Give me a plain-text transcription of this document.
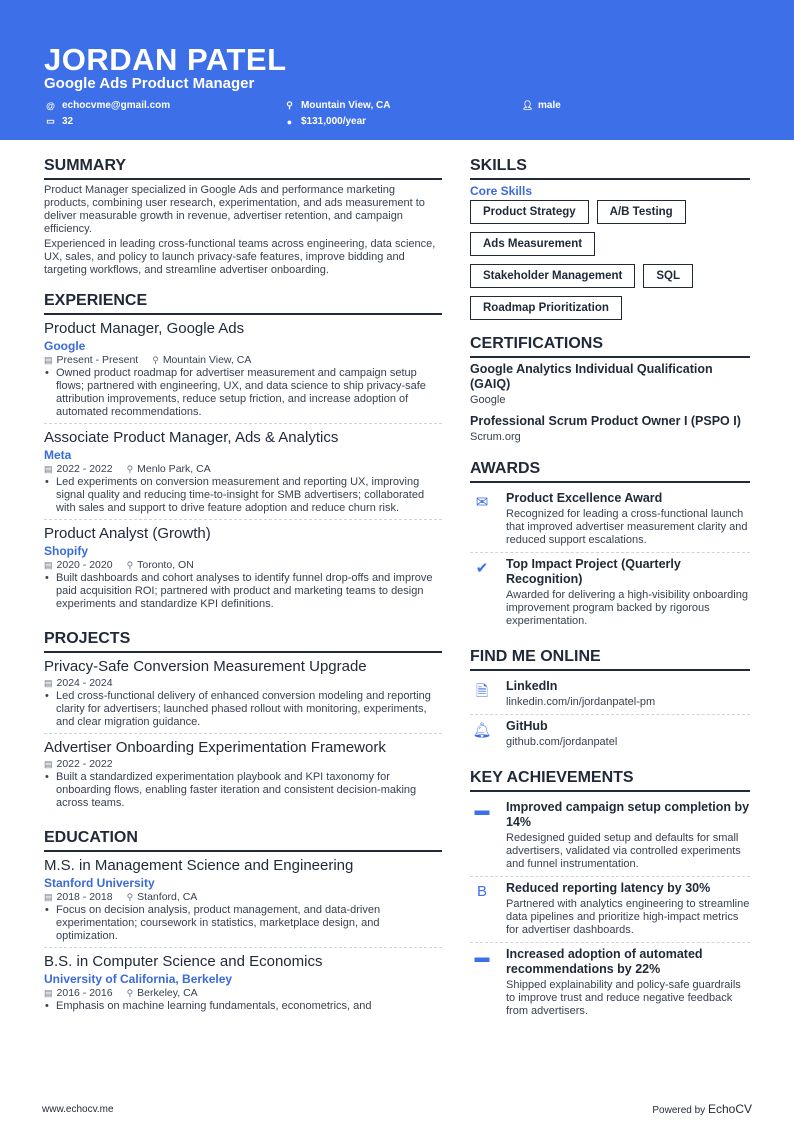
JORDAN PATEL
Google Ads Product Manager
@ echocvme@gmail.com	⚲ Mountain View, CA	👤︎ male
▭ 32	● $131,000/year
SUMMARY

Product Manager specialized in Google Ads and performance marketing products, combining user research, experimentation, and ads measurement to deliver measurable growth in revenue, advertiser retention, and campaign efficiency.

Experienced in leading cross-functional teams across engineering, data science, UX, sales, and policy to launch privacy-safe features, improve bidding and targeting workflows, and streamline advertiser onboarding.

EXPERIENCE
Product Manager, Google Ads
Google
▤ Present - Present ⚲ Mountain View, CA
• Owned product roadmap for advertiser measurement and campaign setup flows; partnered with engineering, UX, and data science to ship privacy-safe attribution improvements, reduce setup friction, and increase adoption of automated recommendations.
Associate Product Manager, Ads & Analytics
Meta
▤ 2022 - 2022 ⚲ Menlo Park, CA
• Led experiments on conversion measurement and reporting UX, improving signal quality and reducing time-to-insight for SMB advertisers; collaborated with sales and support to drive feature adoption and reduce churn risk.
Product Analyst (Growth)
Shopify
▤ 2020 - 2020 ⚲ Toronto, ON
• Built dashboards and cohort analyses to identify funnel drop-offs and improve paid acquisition ROI; partnered with product and marketing teams to design experiments and standardize KPI definitions.
PROJECTS
Privacy-Safe Conversion Measurement Upgrade
▤ 2024 - 2024
• Led cross-functional delivery of enhanced conversion modeling and reporting clarity for advertisers; launched phased rollout with monitoring, experiments, and clear migration guidance.
Advertiser Onboarding Experimentation Framework
▤ 2022 - 2022
• Built a standardized experimentation playbook and KPI taxonomy for onboarding flows, enabling faster iteration and consistent decision-making across teams.
EDUCATION
M.S. in Management Science and Engineering
Stanford University
▤ 2018 - 2018 ⚲ Stanford, CA
• Focus on decision analysis, product management, and data-driven experimentation; coursework in statistics, marketplace design, and optimization.
B.S. in Computer Science and Economics
University of California, Berkeley
▤ 2016 - 2016 ⚲ Berkeley, CA
• Emphasis on machine learning fundamentals, econometrics, and
SKILLS
Core Skills
Product Strategy	A/B Testing
Ads Measurement
Stakeholder Management	SQL
Roadmap Prioritization
CERTIFICATIONS
Google Analytics Individual Qualification (GAIQ)
Google
Professional Scrum Product Owner I (PSPO I)
Scrum.org
AWARDS
✉	Product Excellence Award
Recognized for leading a cross-functional launch that improved advertiser measurement clarity and reduced support escalations.
✔	Top Impact Project (Quarterly Recognition)
Awarded for delivering a high-visibility onboarding improvement program backed by rigorous experimentation.
FIND ME ONLINE
🗎︎	LinkedIn
linkedin.com/in/jordanpatel-pm
🔔︎ GitHub
github.com/jordanpatel
KEY ACHIEVEMENTS
▬	Improved campaign setup completion by 14%
Redesigned guided setup and defaults for small advertisers, validated via controlled experiments and funnel instrumentation.
B	Reduced reporting latency by 30%
Partnered with analytics engineering to streamline data pipelines and prioritize high-impact metrics for advertiser dashboards.
▬	Increased adoption of automated recommendations by 22%
Shipped explainability and policy-safe guardrails to improve trust and reduce negative feedback from advertisers.
www.echocv.me	Powered by EchoCV
